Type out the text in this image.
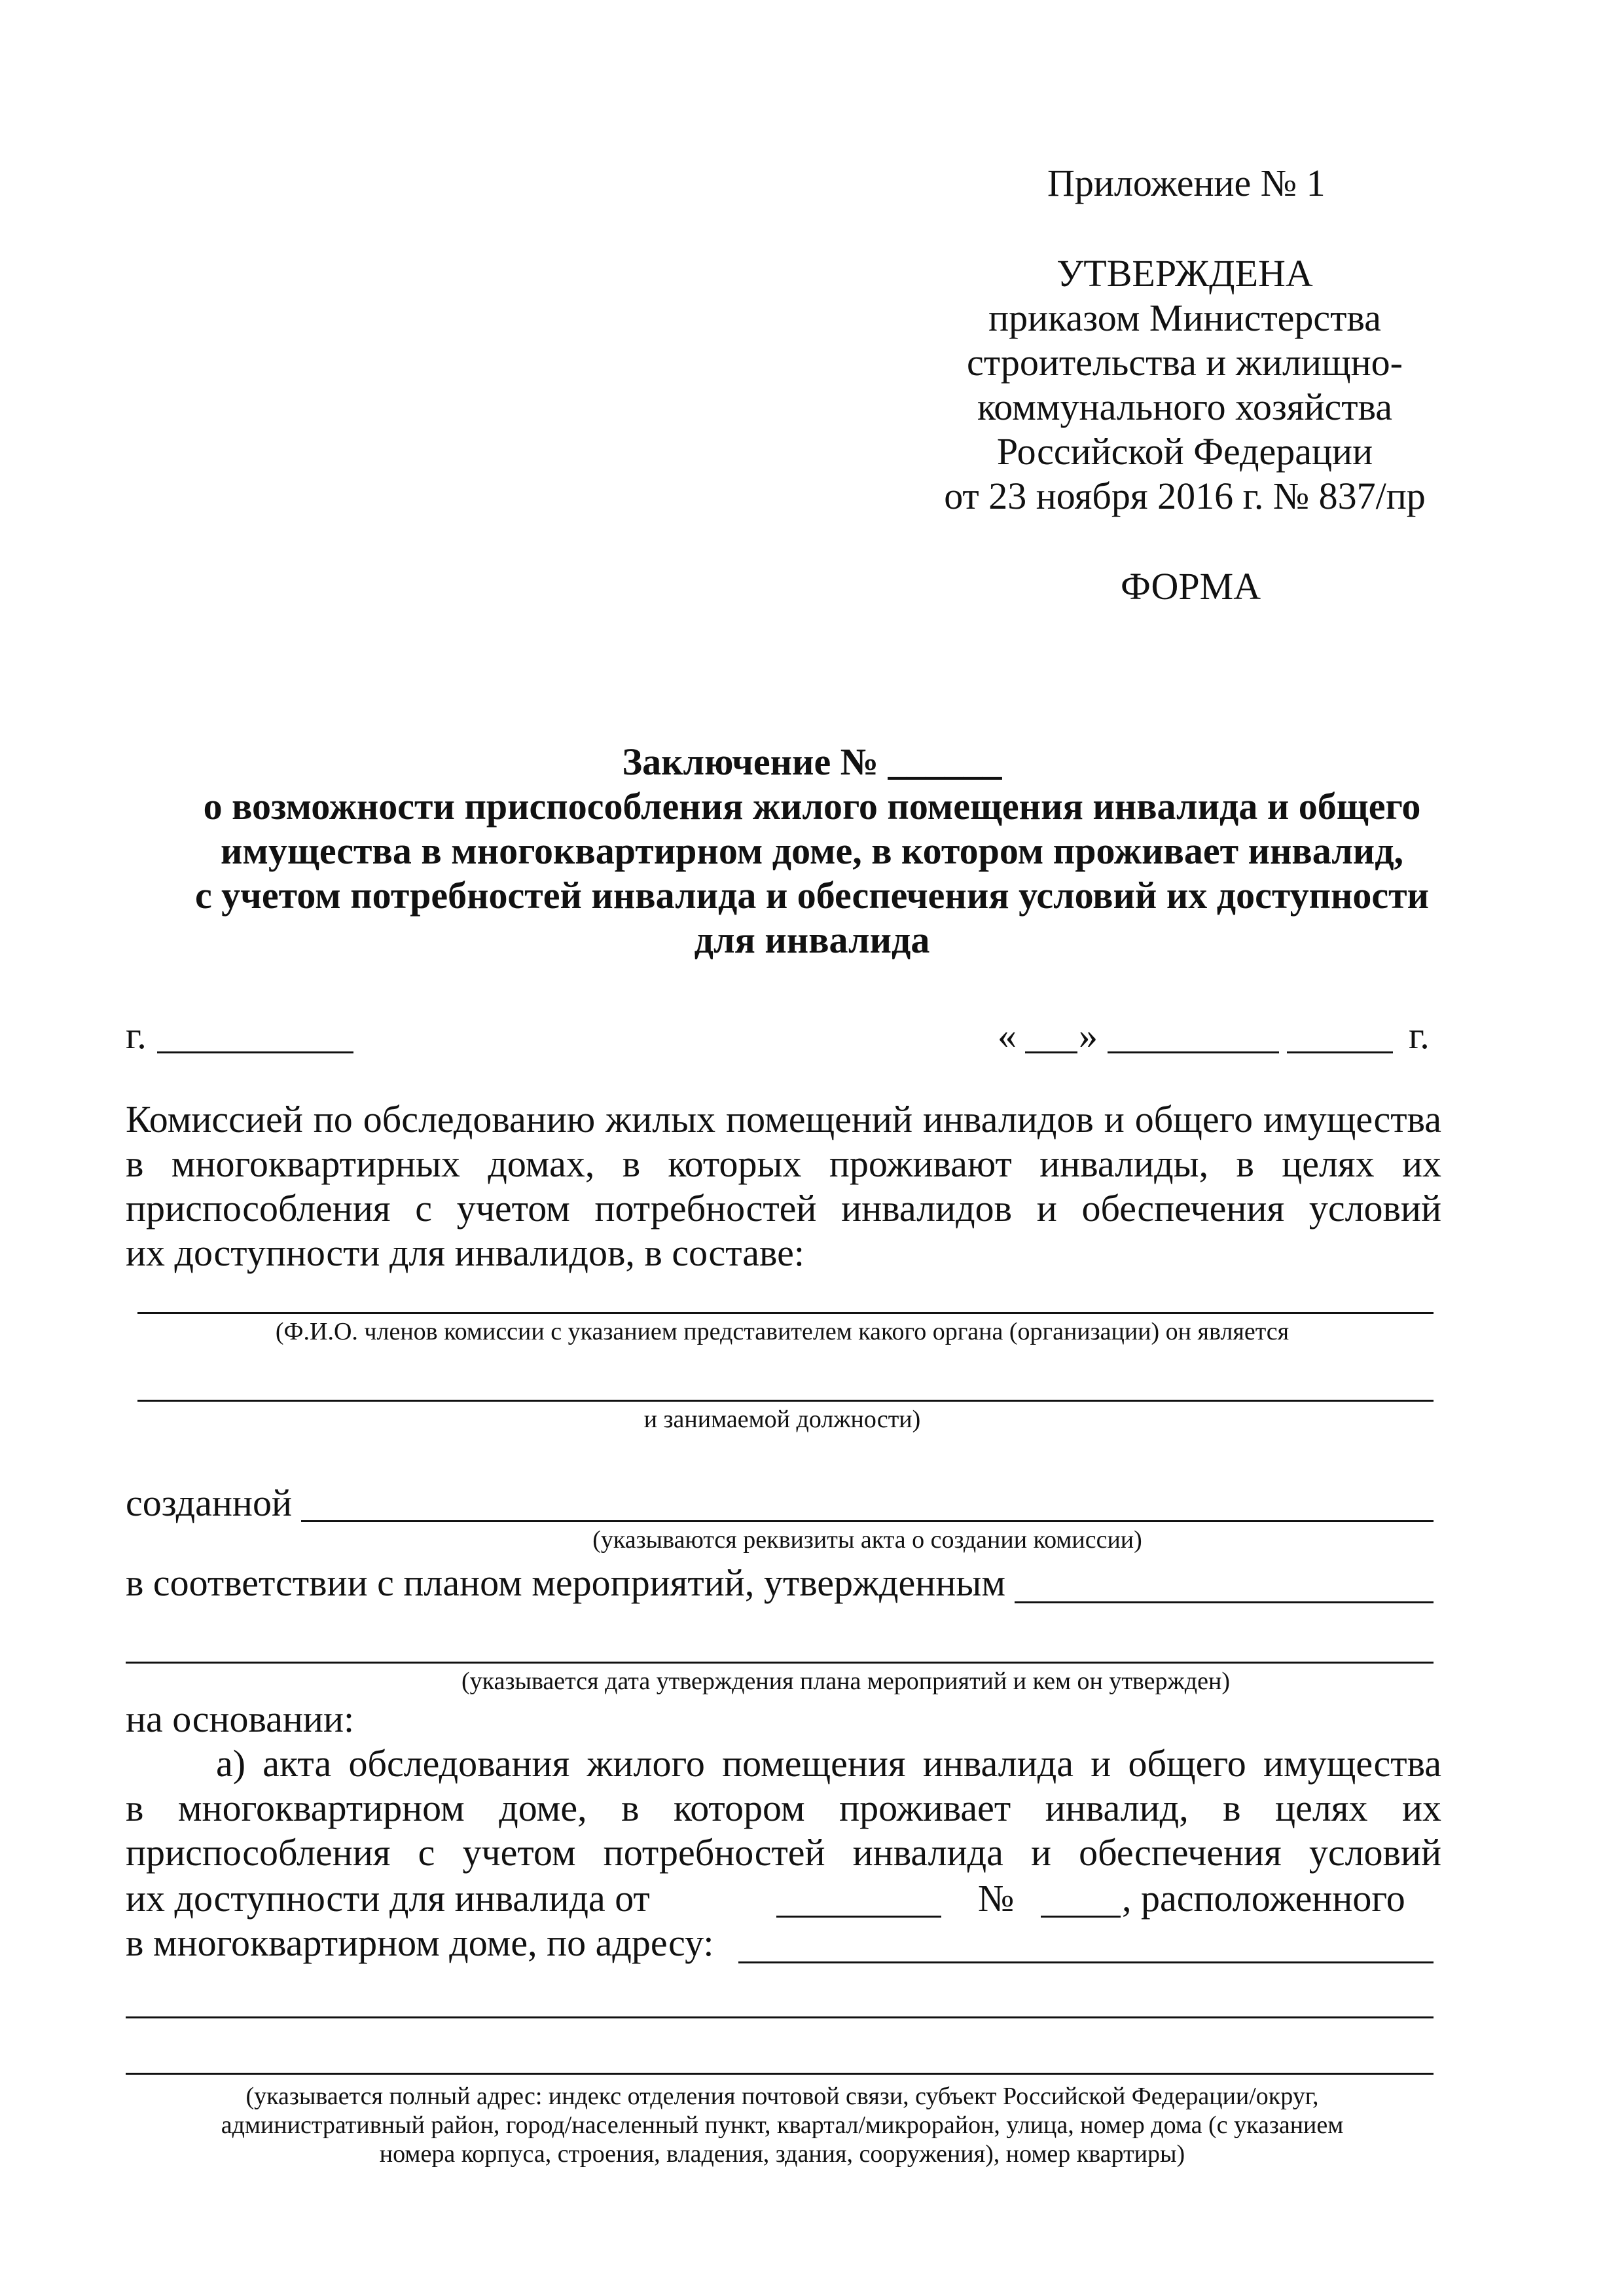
Приложение № 1
УТВЕРЖДЕНА
приказом Министерства
строительства и жилищно-
коммунального хозяйства
Российской Федерации
от 23 ноября 2016 г. № 837/пр
ФОРМА
Заключение № ______
о возможности приспособления жилого помещения инвалида и общего
имущества в многоквартирном доме, в котором проживает инвалид,
с учетом потребностей инвалида и обеспечения условий их доступности
для инвалида
г.	« »	г.
Комиссией по обследованию жилых помещений инвалидов и общего имущества
в многоквартирных домах, в которых проживают инвалиды, в целях их
приспособления с учетом потребностей инвалидов и обеспечения условий
их доступности для инвалидов, в составе:
(Ф.И.О. членов комиссии с указанием представителем какого органа (организации) он является
и занимаемой должности)
созданной
(указываются реквизиты акта о создании комиссии)
в соответствии с планом мероприятий, утвержденным
(указывается дата утверждения плана мероприятий и кем он утвержден)
на основании:
а) акта обследования жилого помещения инвалида и общего имущества
в многоквартирном доме, в котором проживает инвалид, в целях их
приспособления с учетом потребностей инвалида и обеспечения условий
их доступности для инвалида от	№	, расположенного
в многоквартирном доме, по адресу:
(указывается полный адрес: индекс отделения почтовой связи, субъект Российской Федерации/округ,
административный район, город/населенный пункт, квартал/микрорайон, улица, номер дома (с указанием
номера корпуса, строения, владения, здания, сооружения), номер квартиры)
